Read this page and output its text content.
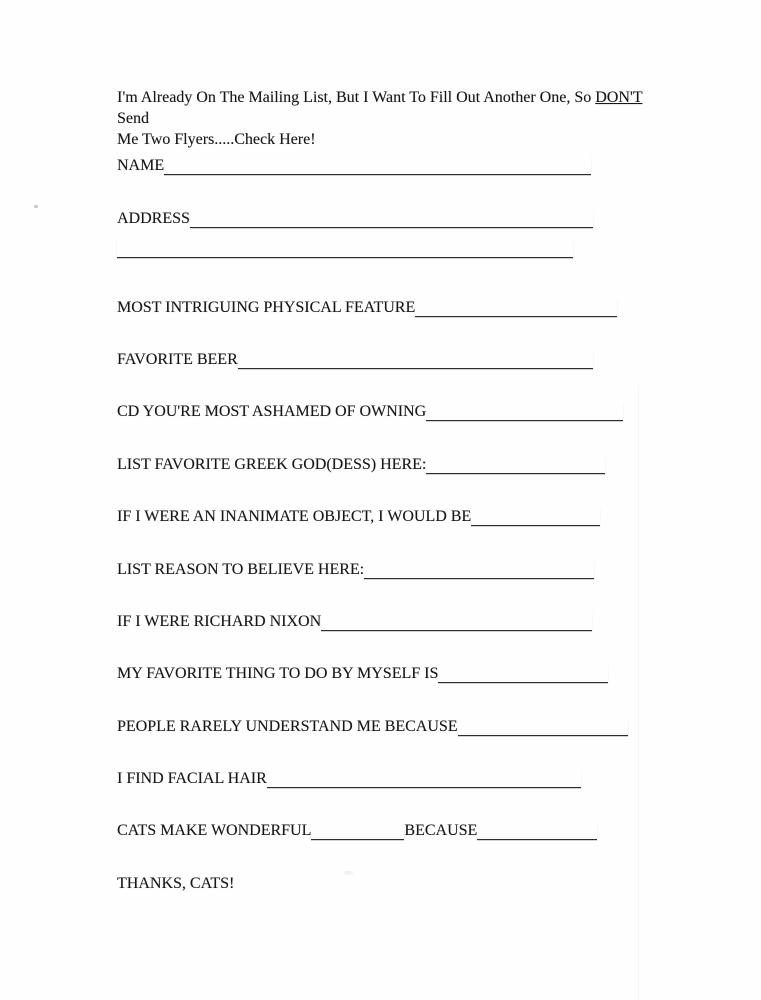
I'm Already On The Mailing List, But I Want To Fill Out Another One, So DON'T Send
Me Two Flyers.....Check Here!
NAME
ADDRESS
MOST INTRIGUING PHYSICAL FEATURE
FAVORITE BEER
CD YOU'RE MOST ASHAMED OF OWNING
LIST FAVORITE GREEK GOD(DESS) HERE:
IF I WERE AN INANIMATE OBJECT, I WOULD BE
LIST REASON TO BELIEVE HERE:
IF I WERE RICHARD NIXON
MY FAVORITE THING TO DO BY MYSELF IS
PEOPLE RARELY UNDERSTAND ME BECAUSE
I FIND FACIAL HAIR
CATS MAKE WONDERFUL	BECAUSE
THANKS, CATS!
